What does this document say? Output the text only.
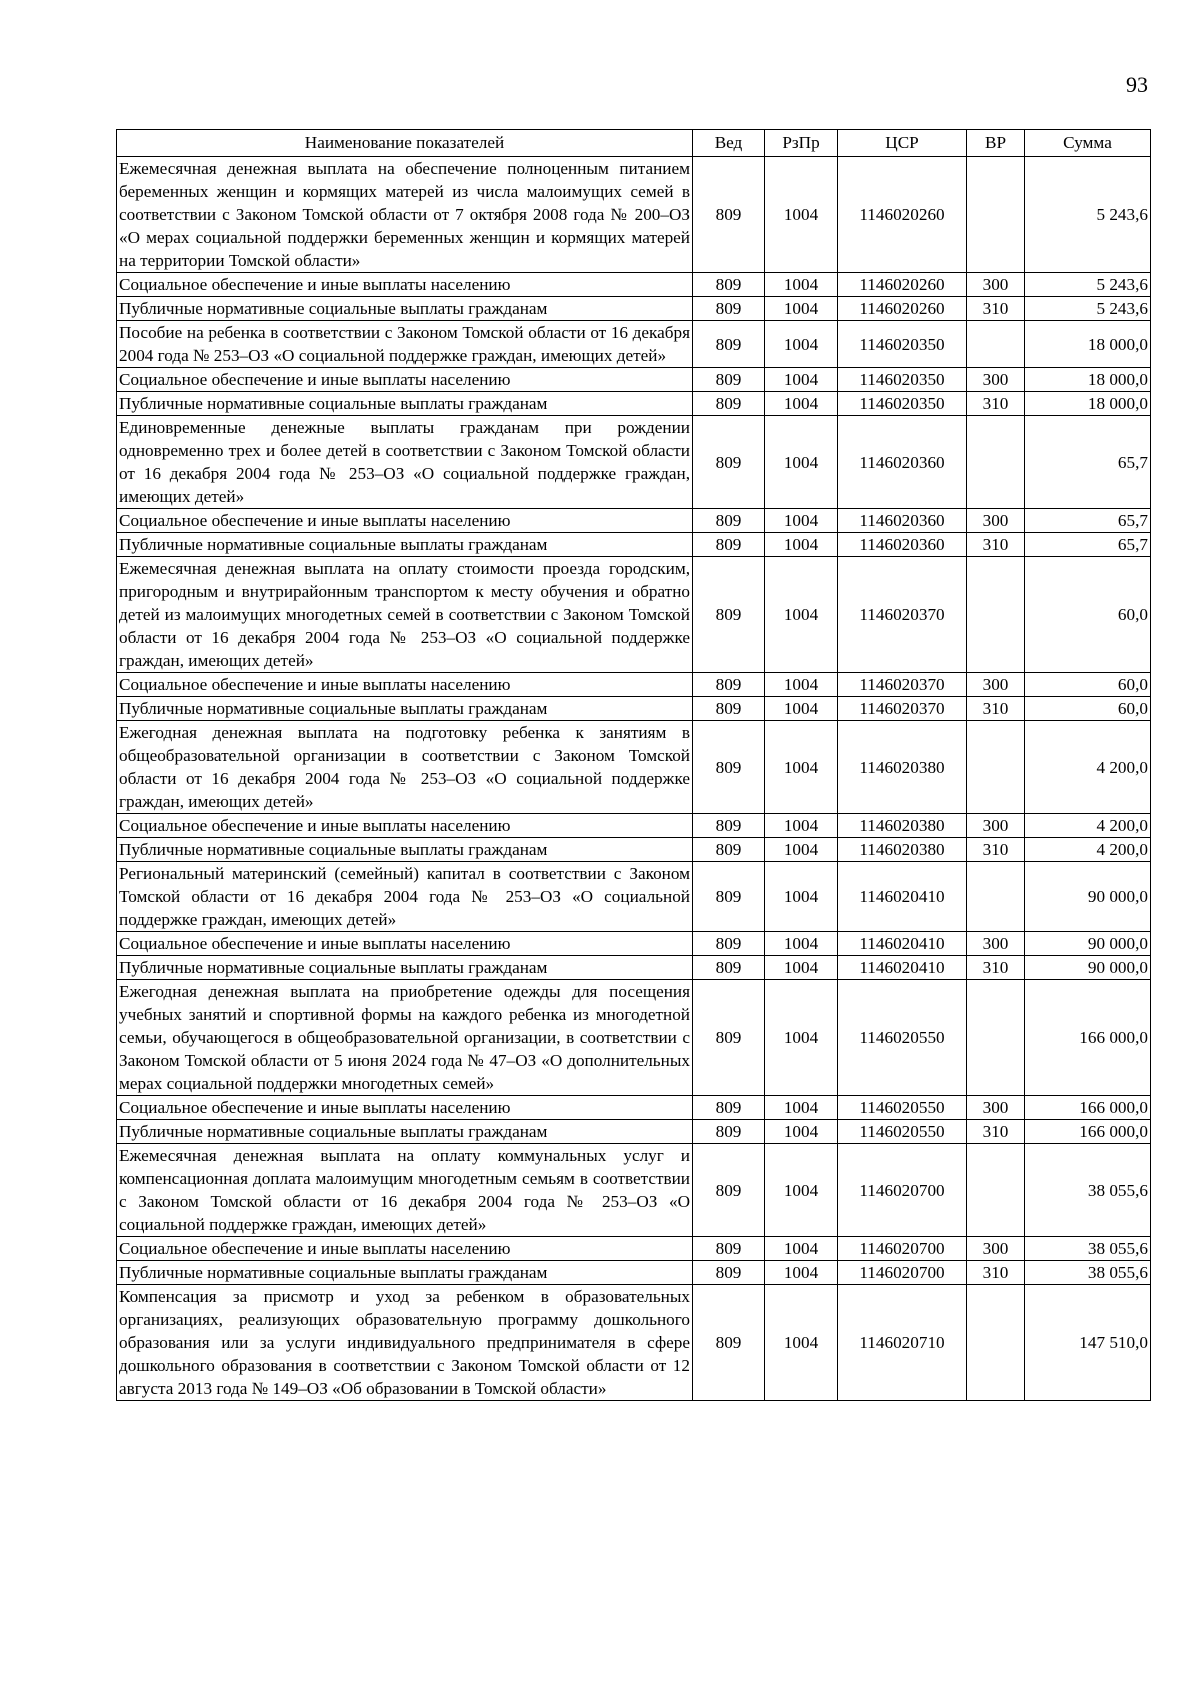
93
Наименование показателей	Вед	РзПр	ЦСР	ВР	Сумма
Ежемесячная денежная выплата на обеспечение полноценным питанием беременных женщин и кормящих матерей из числа малоимущих семей в соответствии с Законом Томской области от 7 октября 2008 года № 200–ОЗ «О мерах социальной поддержки беременных женщин и кормящих матерей на территории Томской области»	809	1004	1146020260		5 243,6
Социальное обеспечение и иные выплаты населению	809	1004	1146020260	300	5 243,6
Публичные нормативные социальные выплаты гражданам	809	1004	1146020260	310	5 243,6
Пособие на ребенка в соответствии с Законом Томской области от 16 декабря 2004 года № 253–ОЗ «О социальной поддержке граждан, имеющих детей»	809	1004	1146020350		18 000,0
Социальное обеспечение и иные выплаты населению	809	1004	1146020350	300	18 000,0
Публичные нормативные социальные выплаты гражданам	809	1004	1146020350	310	18 000,0
Единовременные денежные выплаты гражданам при рождении одновременно трех и более детей в соответствии с Законом Томской области от 16 декабря 2004 года № 253–ОЗ «О социальной поддержке граждан, имеющих детей»	809	1004	1146020360		65,7
Социальное обеспечение и иные выплаты населению	809	1004	1146020360	300	65,7
Публичные нормативные социальные выплаты гражданам	809	1004	1146020360	310	65,7
Ежемесячная денежная выплата на оплату стоимости проезда городским, пригородным и внутрирайонным транспортом к месту обучения и обратно детей из малоимущих многодетных семей в соответствии с Законом Томской области от 16 декабря 2004 года № 253–ОЗ «О социальной поддержке граждан, имеющих детей»	809	1004	1146020370		60,0
Социальное обеспечение и иные выплаты населению	809	1004	1146020370	300	60,0
Публичные нормативные социальные выплаты гражданам	809	1004	1146020370	310	60,0
Ежегодная денежная выплата на подготовку ребенка к занятиям в общеобразовательной организации в соответствии с Законом Томской области от 16 декабря 2004 года № 253–ОЗ «О социальной поддержке граждан, имеющих детей»	809	1004	1146020380		4 200,0
Социальное обеспечение и иные выплаты населению	809	1004	1146020380	300	4 200,0
Публичные нормативные социальные выплаты гражданам	809	1004	1146020380	310	4 200,0
Региональный материнский (семейный) капитал в соответствии с Законом Томской области от 16 декабря 2004 года № 253–ОЗ «О социальной поддержке граждан, имеющих детей»	809	1004	1146020410		90 000,0
Социальное обеспечение и иные выплаты населению	809	1004	1146020410	300	90 000,0
Публичные нормативные социальные выплаты гражданам	809	1004	1146020410	310	90 000,0
Ежегодная денежная выплата на приобретение одежды для посещения учебных занятий и спортивной формы на каждого ребенка из многодетной семьи, обучающегося в общеобразовательной организации, в соответствии с Законом Томской области от 5 июня 2024 года № 47–ОЗ «О дополнительных мерах социальной поддержки многодетных семей»	809	1004	1146020550		166 000,0
Социальное обеспечение и иные выплаты населению	809	1004	1146020550	300	166 000,0
Публичные нормативные социальные выплаты гражданам	809	1004	1146020550	310	166 000,0
Ежемесячная денежная выплата на оплату коммунальных услуг и компенсационная доплата малоимущим многодетным семьям в соответствии с Законом Томской области от 16 декабря 2004 года № 253–ОЗ «О социальной поддержке граждан, имеющих детей»	809	1004	1146020700		38 055,6
Социальное обеспечение и иные выплаты населению	809	1004	1146020700	300	38 055,6
Публичные нормативные социальные выплаты гражданам	809	1004	1146020700	310	38 055,6
Компенсация за присмотр и уход за ребенком в образовательных организациях, реализующих образовательную программу дошкольного образования или за услуги индивидуального предпринимателя в сфере дошкольного образования в соответствии с Законом Томской области от 12 августа 2013 года № 149–ОЗ «Об образовании в Томской области»	809	1004	1146020710		147 510,0
